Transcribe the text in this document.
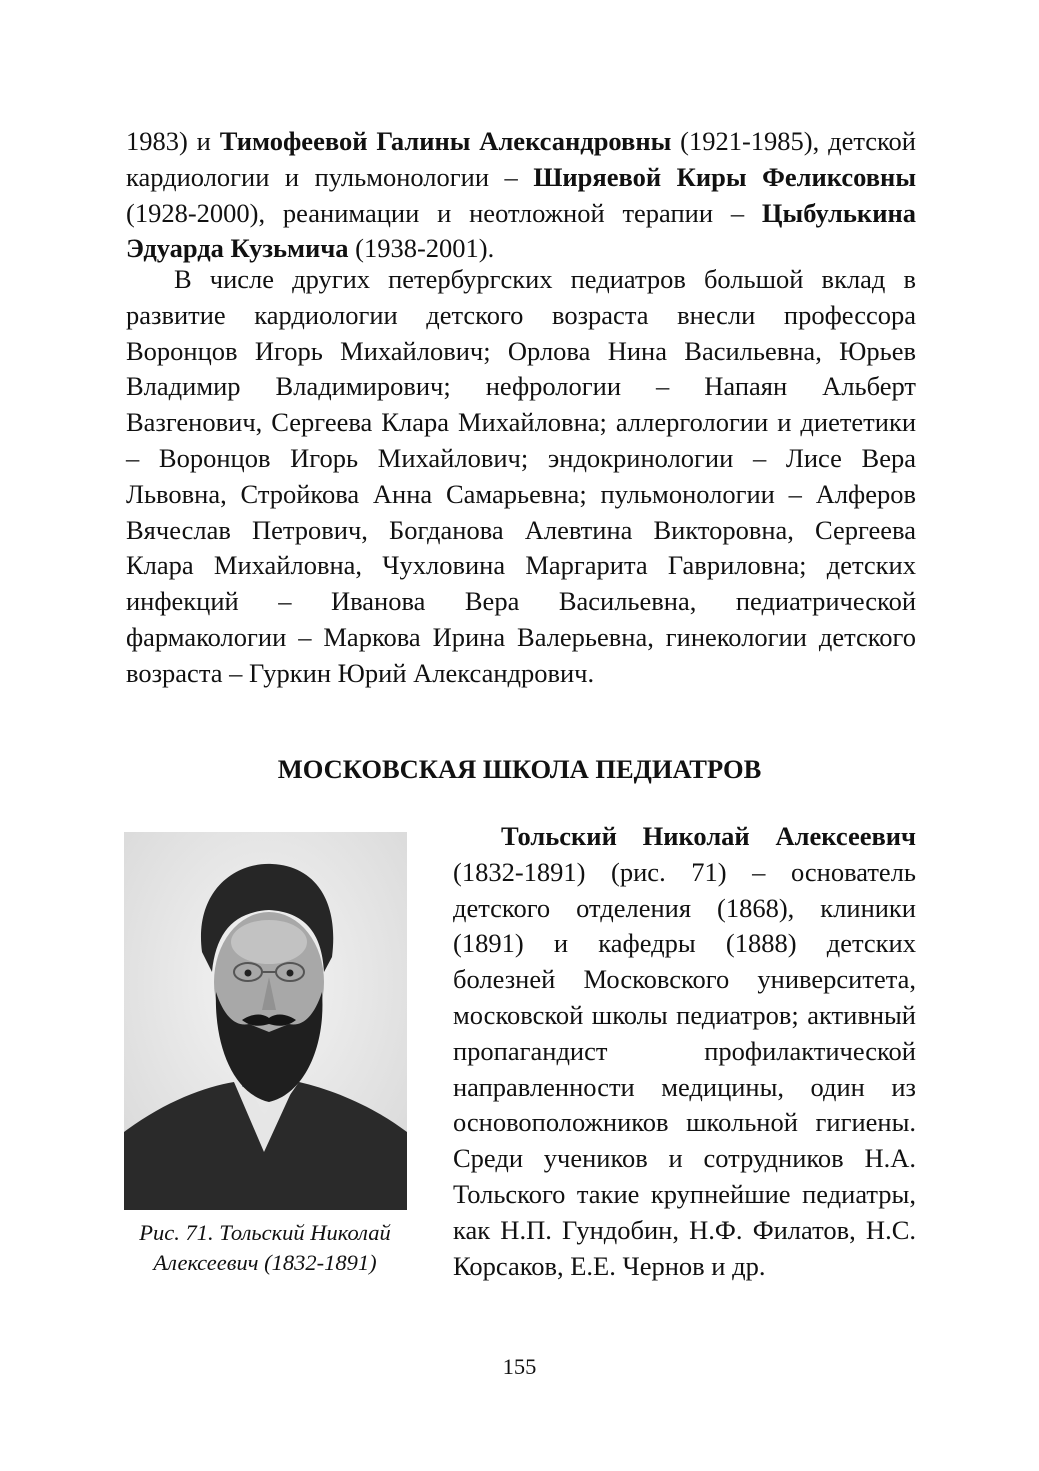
1983) и Тимофеевой Галины Александровны (1921-1985), детской кардиологии и пульмонологии – Ширяевой Киры Феликсовны (1928-2000), реанимации и неотложной терапии – Цыбулькина Эдуарда Кузьмича (1938-2001).

В числе других петербургских педиатров большой вклад в развитие кардиологии детского возраста внесли профессора Воронцов Игорь Михайлович; Орлова Нина Васильевна, Юрьев Владимир Владимирович; нефрологии – Напаян Альберт Вазгенович, Сергеева Клара Михайловна; аллергологии и диететики – Воронцов Игорь Михайлович; эндокринологии – Лисе Вера Львовна, Стройкова Анна Самарьевна; пульмонологии – Алферов Вячеслав Петрович, Богданова Алевтина Викторовна, Сергеева Клара Михайловна, Чухловина Маргарита Гавриловна; детских инфекций – Иванова Вера Васильевна, педиатрической фармакологии – Маркова Ирина Валерьевна, гинекологии детского возраста – Гуркин Юрий Александрович.

МОСКОВСКАЯ ШКОЛА ПЕДИАТРОВ
Рис. 71. Тольский Николай
Алексеевич (1832-1891)

Тольский Николай Алексеевич (1832-1891) (рис. 71) – основатель детского отделения (1868), клиники (1891) и кафедры (1888) детских болезней Московского университета, московской школы педиатров; активный пропагандист профилактической направленности медицины, один из основоположников школьной гигиены. Среди учеников и сотрудников Н.А. Тольского такие крупнейшие педиатры, как Н.П. Гундобин, Н.Ф. Филатов, Н.С. Корсаков, Е.Е. Чернов и др.

155
